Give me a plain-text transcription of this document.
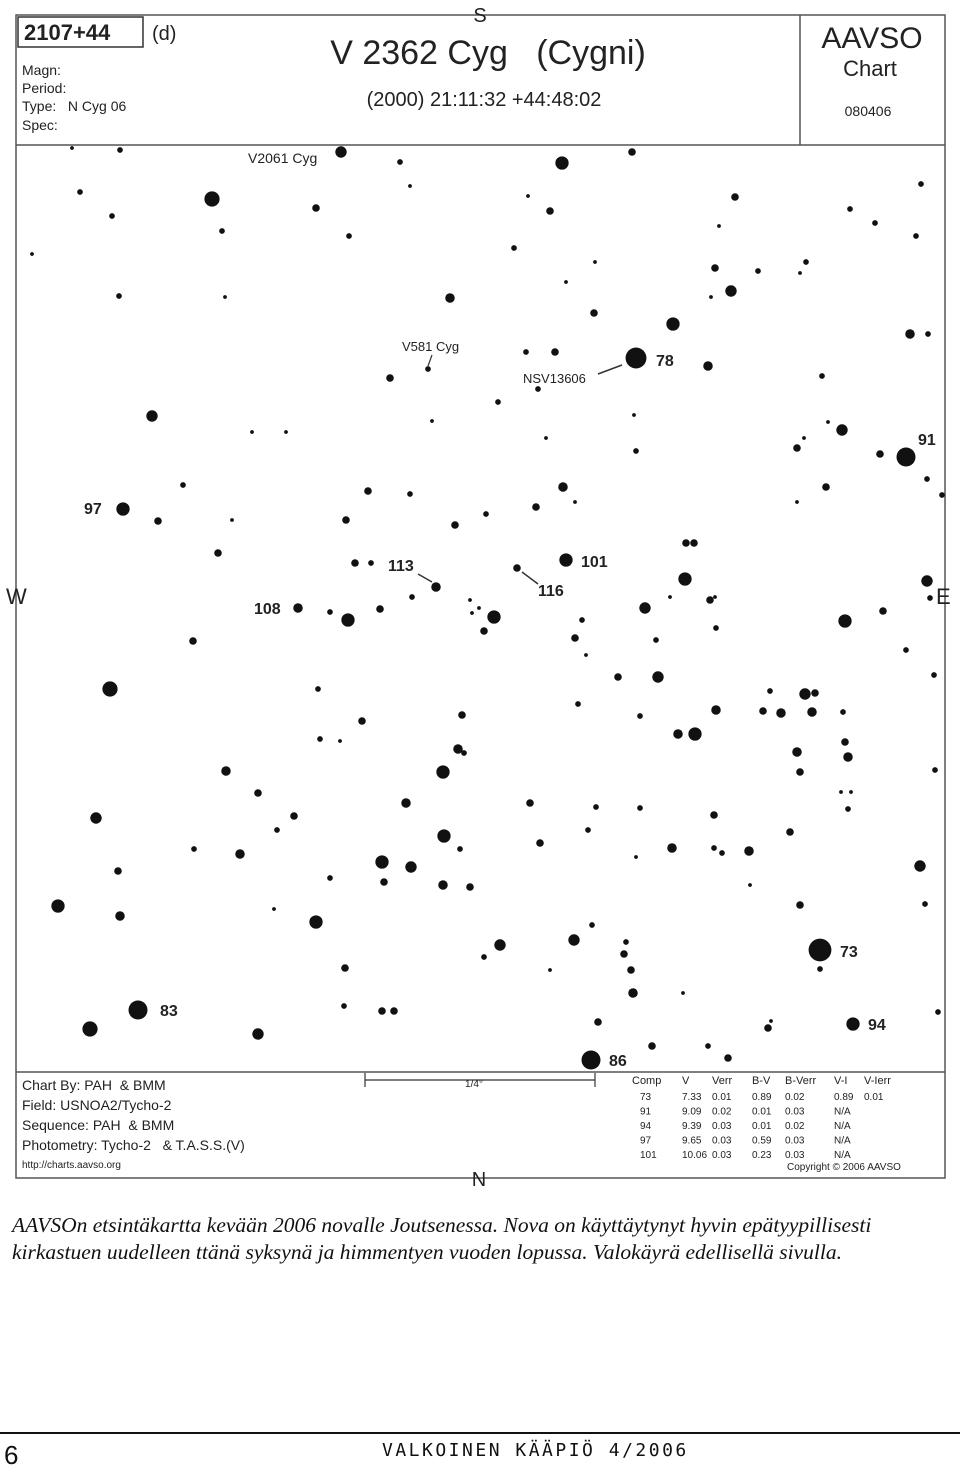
2107+44 (d)
Magn:
Period:
Type:   N Cyg 06
Spec:
S
V 2362 Cyg   (Cygni)
(2000) 21:11:32 +44:48:02
AAVSO
Chart
080406
W	E
N
V2061 Cyg
V581 Cyg
NSV13606
78
91
97
113	101
116
108
73
83
94
86
Chart By: PAH  & BMM
Field: USNOA2/Tycho-2
Sequence: PAH  & BMM
Photometry: Tycho-2   & T.A.S.S.(V)
http://charts.aavso.org
1/4°	Comp V Verr B-V B-Verr V-I V-Ierr
73	7.33 0.01 0.89 0.02	0.89 0.01
91	9.09 0.02 0.01 0.03	N/A
94	9.39 0.03 0.01 0.02	N/A
97	9.65 0.03 0.59 0.03	N/A
101	10.06 0.03 0.23 0.03	N/A
Copyright © 2006 AAVSO

AAVSOn etsintäkartta kevään 2006 novalle Joutsenessa. Nova on käyttäytynyt hyvin epätyypillisesti kirkastuen uudelleen ttänä syksynä ja himmentyen vuoden lopussa. Valokäyrä edellisellä sivulla.

6	VALKOINEN KÄÄPIÖ 4/2006
